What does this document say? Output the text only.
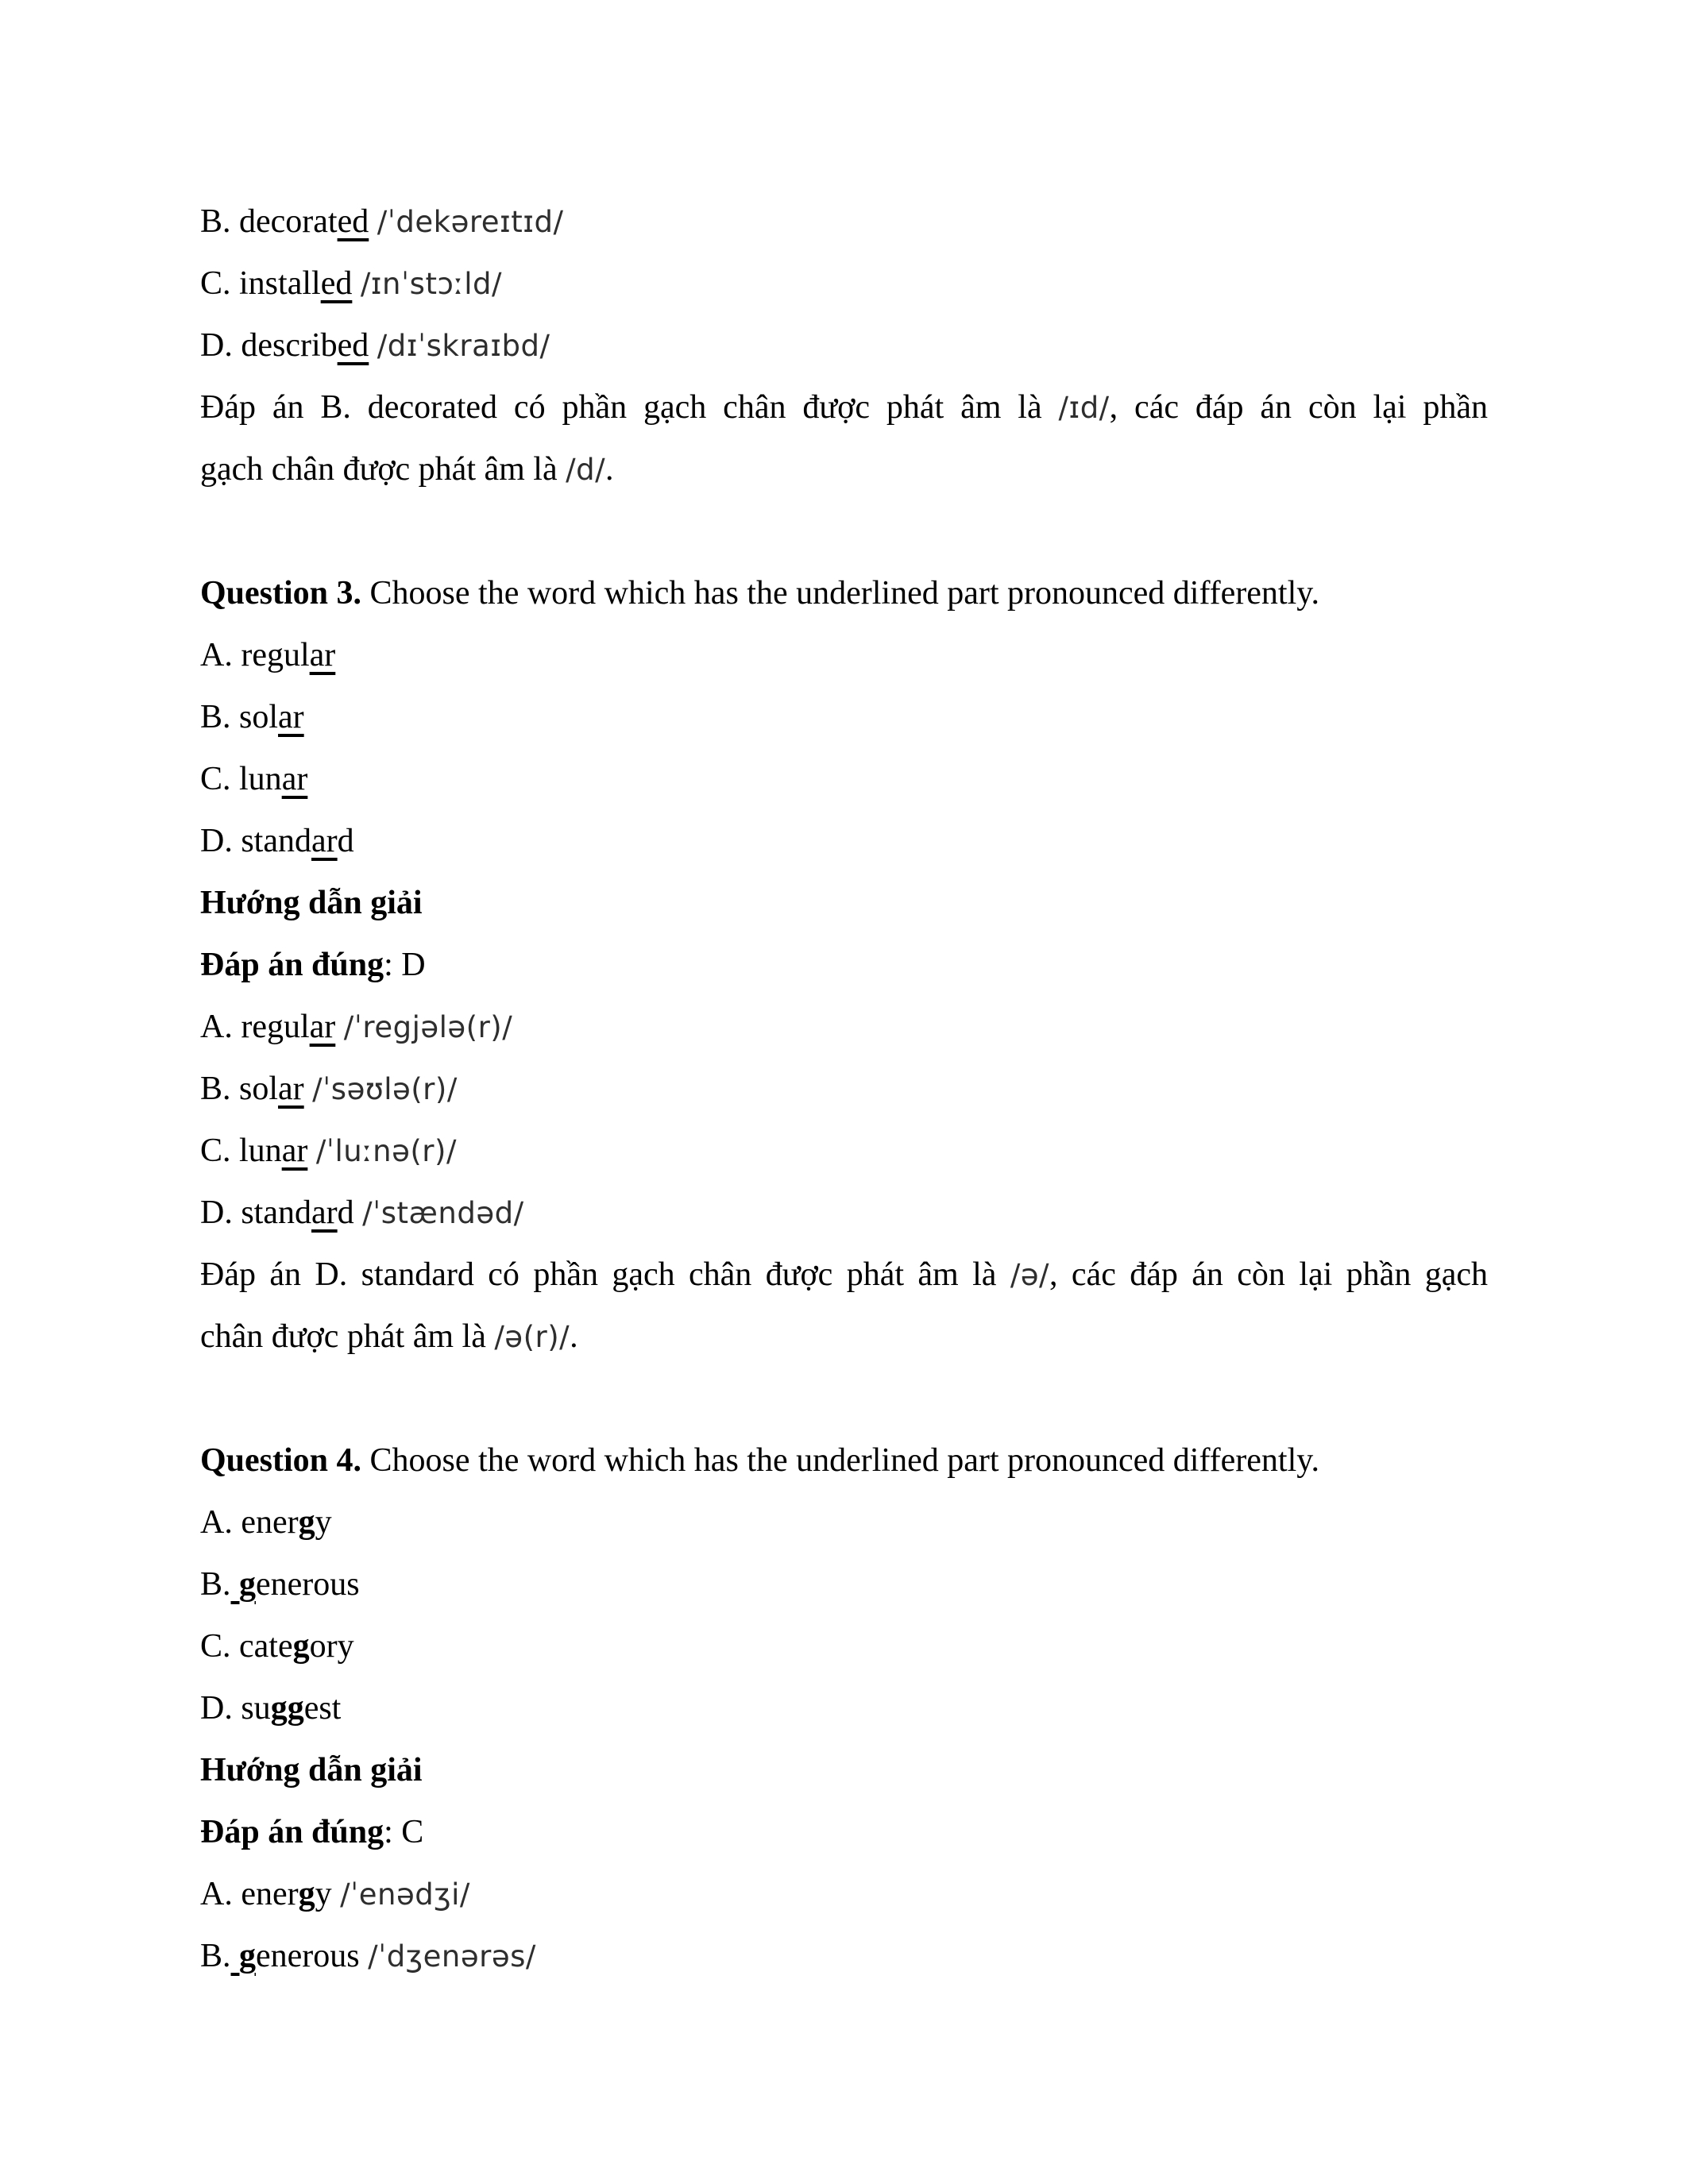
B. decorated /ˈdekəreɪtɪd/
C. installed /ɪnˈstɔːld/
D. described /dɪˈskraɪbd/
Đáp án B. decorated có phần gạch chân được phát âm là /ɪd/, các đáp án còn lại phần
gạch chân được phát âm là /d/.
Question 3. Choose the word which has the underlined part pronounced differently.
A. regular
B. solar
C. lunar
D. standard
Hướng dẫn giải
Đáp án đúng: D
A. regular /ˈregjələ(r)/
B. solar /ˈsəʊlə(r)/
C. lunar /ˈluːnə(r)/
D. standard /ˈstændəd/
Đáp án D. standard có phần gạch chân được phát âm là /ə/, các đáp án còn lại phần gạch
chân được phát âm là /ə(r)/.
Question 4. Choose the word which has the underlined part pronounced differently.
A. energy
B. generous
C. category
D. suggest
Hướng dẫn giải
Đáp án đúng: C
A. energy /ˈenədʒi/
B. generous /ˈdʒenərəs/
